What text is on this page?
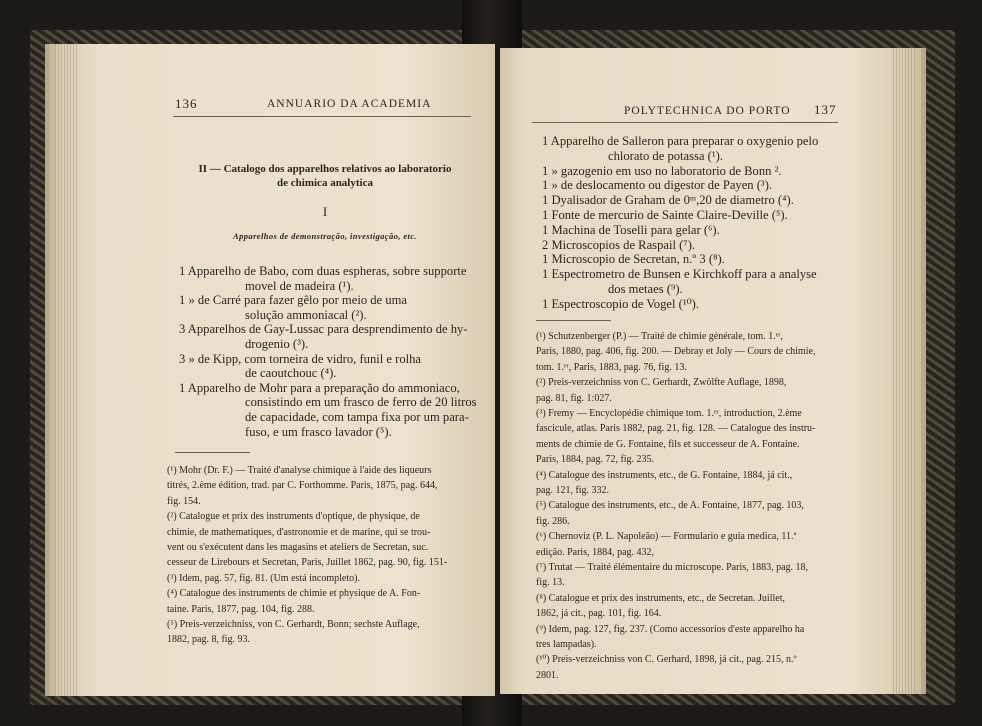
136	ANNUARIO DA ACADEMIA
II — Catalogo dos apparelhos relativos ao laboratorio
de chimica analytica
I
Apparelhos de demonstração, investigação, etc.
1 Apparelho de Babo, com duas espheras, sobre supporte
movel de madeira (¹).
1 » de Carré para fazer gêlo por meio de uma
solução ammoniacal (²).
3 Apparelhos de Gay-Lussac para desprendimento de hy-
drogenio (³).
3 » de Kipp, com torneira de vidro, funil e rolha
de caoutchouc (⁴).
1 Apparelho de Mohr para a preparação do ammoniaco,
consistindo em um frasco de ferro de 20 litros
de capacidade, com tampa fixa por um para-
fuso, e um frasco lavador (⁵).
(¹) Mohr (Dr. F.) — Traité d'analyse chimique à l'aide des liqueurs
titrés, 2.ème édition, trad. par C. Forthomme. Paris, 1875, pag. 644,
fig. 154.
(²) Catalogue et prix des instruments d'optique, de physique, de
chimie, de mathematiques, d'astronomie et de marine, qui se trou-
vent ou s'exécutent dans les magasins et ateliers de Secretan, suc.
cesseur de Lirebours et Secretan, Paris, Juillet 1862, pag. 90, fig. 151-
(³) Idem, pag. 57, fig. 81. (Um está incompleto).
(⁴) Catalogue des instruments de chimie et physique de A. Fon-
taine. Paris, 1877, pag. 104, fig. 288.
(⁵) Preis-verzeichniss, von C. Gerhardt, Bonn; sechste Auflage,
1882, pag. 8, fig. 93.
POLYTECHNICA DO PORTO 137
1 Apparelho de Salleron para preparar o oxygenio pelo
chlorato de potassa (¹).
1 » gazogenio em uso no laboratorio de Bonn ².
1 » de deslocamento ou digestor de Payen (³).
1 Dyalisador de Graham de 0ᵐ,20 de diametro (⁴).
1 Fonte de mercurio de Sainte Claire-Deville (⁵).
1 Machina de Toselli para gelar (⁶).
2 Microscopios de Raspail (⁷).
1 Microscopio de Secretan, n.º 3 (⁸).
1 Espectrometro de Bunsen e Kirchkoff para a analyse
dos metaes (⁹).
1 Espectroscopio de Vogel (¹⁰).
(¹) Schutzenberger (P.) — Traité de chimie générale, tom. 1.ᵉʳ,
Paris, 1880, pag. 406, fig. 200. — Debray et Joly — Cours de chimie,
tom. 1.ᵉʳ, Paris, 1883, pag. 76, fig. 13.
(²) Preis-verzeichniss von C. Gerhardt, Zwölfte Auflage, 1898,
pag. 81, fig. 1:027.
(³) Fremy — Encyclopédie chimique tom. 1.ᵉʳ, introduction, 2.ème
fascicule, atlas. Paris 1882, pag. 21, fig. 128. — Catalogue des instru-
ments de chimie de G. Fontaine, fils et successeur de A. Fontaine.
Paris, 1884, pag. 72, fig. 235.
(⁴) Catalogue des instruments, etc., de G. Fontaine, 1884, já cit.,
pag. 121, fig. 332.
(⁵) Catalogue des instruments, etc., de A. Fontaine, 1877, pag. 103,
fig. 286.
(⁶) Chernoviz (P. L. Napoleão) — Formulario e guia medica, 11.ª
edição. Paris, 1884, pag. 432,
(⁷) Trutat — Traité élémentaire du microscope. Paris, 1883, pag. 18,
fig. 13.
(⁸) Catalogue et prix des instruments, etc., de Secretan. Juillet,
1862, já cit., pag. 101, fig. 164.
(⁹) Idem, pag. 127, fig. 237. (Como accessorios d'este apparelho ha
tres lampadas).
(¹⁰) Preis-verzeichniss von C. Gerhard, 1898, já cit., pag. 215, n.º
2801.
